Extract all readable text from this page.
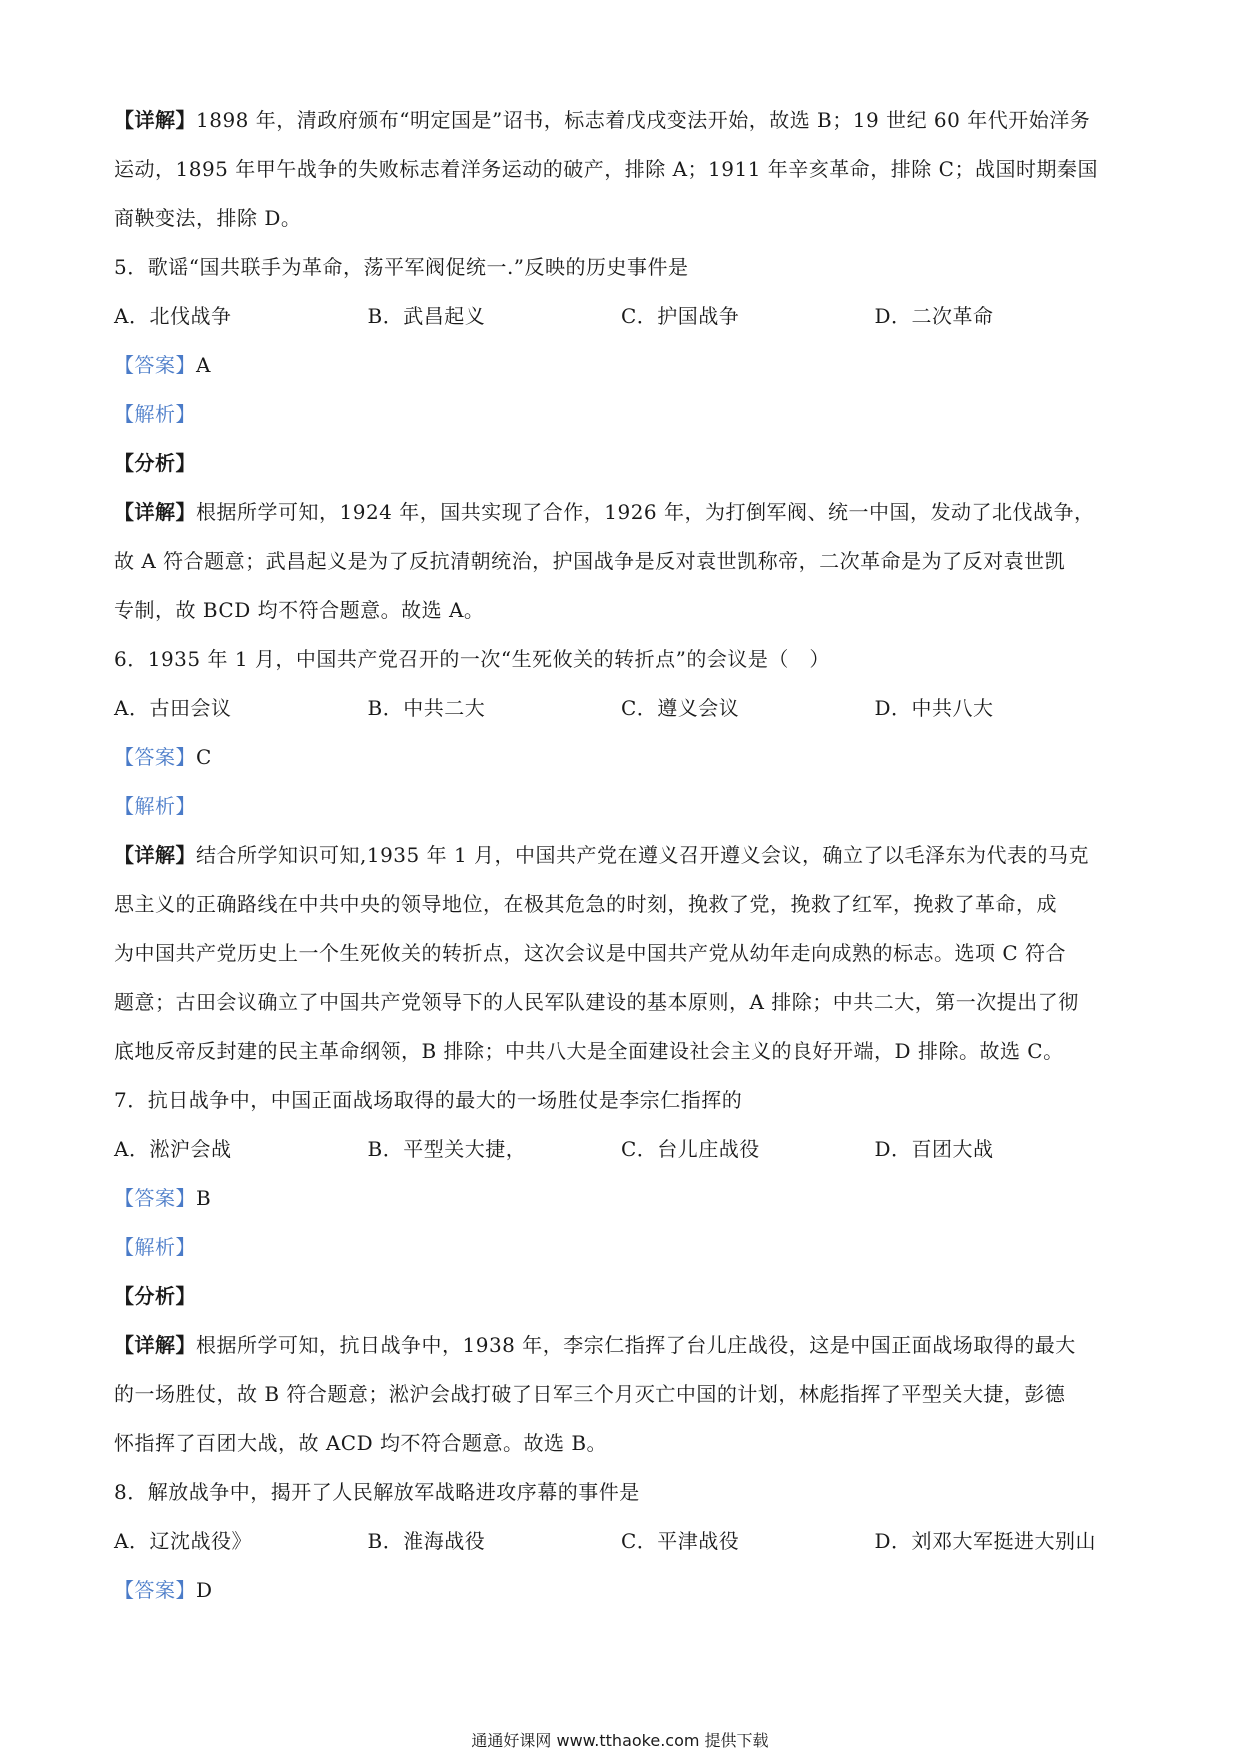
【详解】1898 年，清政府颁布“明定国是”诏书，标志着戊戌变法开始，故选 B；19 世纪 60 年代开始洋务
运动，1895 年甲午战争的失败标志着洋务运动的破产，排除 A；1911 年辛亥革命，排除 C；战国时期秦国
商鞅变法，排除 D。
5．歌谣“国共联手为革命，荡平军阀促统一.”反映的历史事件是
A．北伐战争	B．武昌起义	C．护国战争	D．二次革命
【答案】A
【解析】
【分析】
【详解】根据所学可知，1924 年，国共实现了合作，1926 年，为打倒军阀、统一中国，发动了北伐战争，
故 A 符合题意；武昌起义是为了反抗清朝统治，护国战争是反对袁世凯称帝，二次革命是为了反对袁世凯
专制，故 BCD 均不符合题意。故选 A。
6．1935 年 1 月，中国共产党召开的一次“生死攸关的转折点”的会议是（　）
A．古田会议	B．中共二大	C．遵义会议	D．中共八大
【答案】C
【解析】
【详解】结合所学知识可知,1935 年 1 月，中国共产党在遵义召开遵义会议，确立了以毛泽东为代表的马克
思主义的正确路线在中共中央的领导地位，在极其危急的时刻，挽救了党，挽救了红军，挽救了革命，成
为中国共产党历史上一个生死攸关的转折点，这次会议是中国共产党从幼年走向成熟的标志。选项 C 符合
题意；古田会议确立了中国共产党领导下的人民军队建设的基本原则，A 排除；中共二大，第一次提出了彻
底地反帝反封建的民主革命纲领，B 排除；中共八大是全面建设社会主义的良好开端，D 排除。故选 C。
7．抗日战争中，中国正面战场取得的最大的一场胜仗是李宗仁指挥的
A．淞沪会战	B．平型关大捷，	C．台儿庄战役	D．百团大战
【答案】B
【解析】
【分析】
【详解】根据所学可知，抗日战争中，1938 年，李宗仁指挥了台儿庄战役，这是中国正面战场取得的最大
的一场胜仗，故 B 符合题意；淞沪会战打破了日军三个月灭亡中国的计划，林彪指挥了平型关大捷，彭德
怀指挥了百团大战，故 ACD 均不符合题意。故选 B。
8．解放战争中，揭开了人民解放军战略进攻序幕的事件是
A．辽沈战役》	B．淮海战役	C．平津战役	D．刘邓大军挺进大别山
【答案】D
通通好课网 www.tthaoke.com 提供下载
